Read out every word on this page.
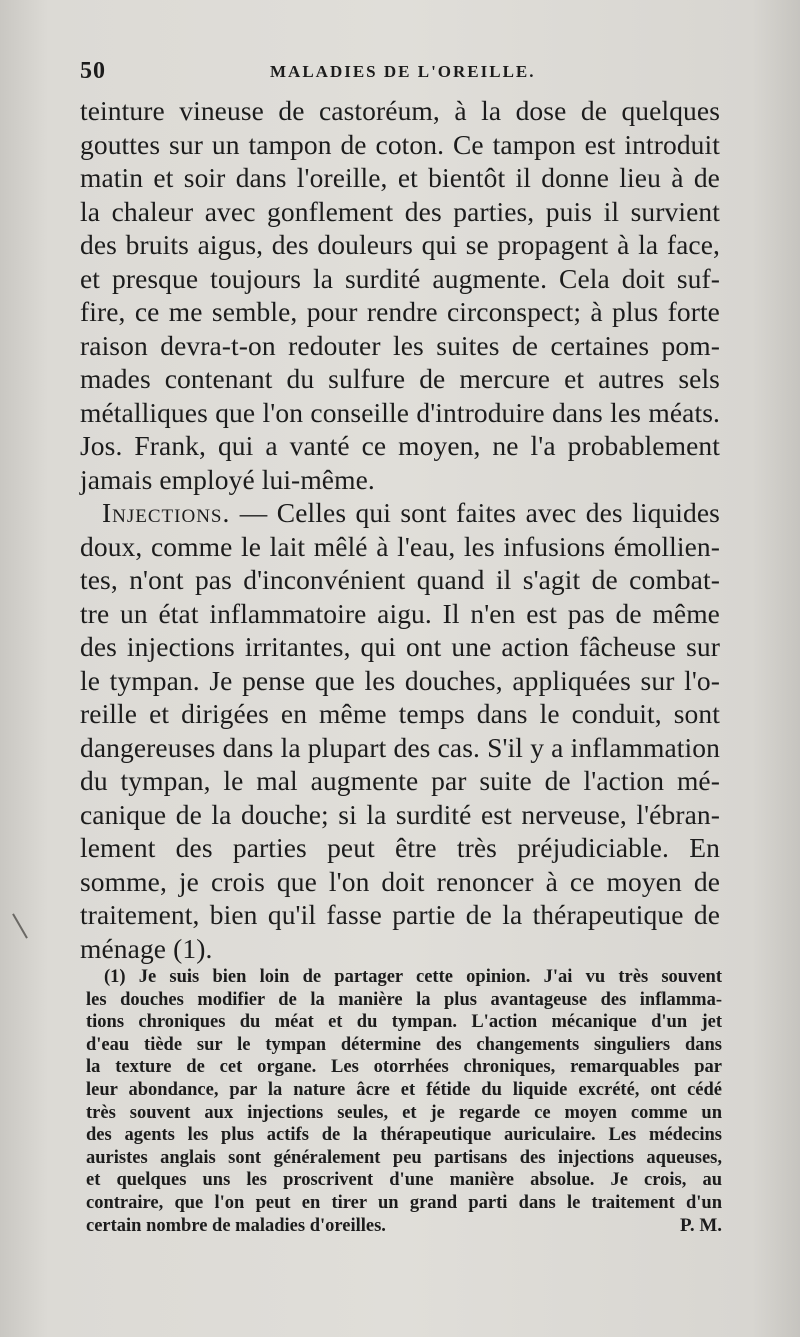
50	MALADIES DE L'OREILLE.
teinture vineuse de castoréum, à la dose de quelques
gouttes sur un tampon de coton. Ce tampon est introduit
matin et soir dans l'oreille, et bientôt il donne lieu à de
la chaleur avec gonflement des parties, puis il survient
des bruits aigus, des douleurs qui se propagent à la face,
et presque toujours la surdité augmente. Cela doit suf-
fire, ce me semble, pour rendre circonspect; à plus forte
raison devra-t-on redouter les suites de certaines pom-
mades contenant du sulfure de mercure et autres sels
métalliques que l'on conseille d'introduire dans les méats.
Jos. Frank, qui a vanté ce moyen, ne l'a probablement
jamais employé lui-même.
Injections. — Celles qui sont faites avec des liquides
doux, comme le lait mêlé à l'eau, les infusions émollien-
tes, n'ont pas d'inconvénient quand il s'agit de combat-
tre un état inflammatoire aigu. Il n'en est pas de même
des injections irritantes, qui ont une action fâcheuse sur
le tympan. Je pense que les douches, appliquées sur l'o-
reille et dirigées en même temps dans le conduit, sont
dangereuses dans la plupart des cas. S'il y a inflammation
du tympan, le mal augmente par suite de l'action mé-
canique de la douche; si la surdité est nerveuse, l'ébran-
lement des parties peut être très préjudiciable. En
somme, je crois que l'on doit renoncer à ce moyen de
traitement, bien qu'il fasse partie de la thérapeutique de
ménage (1).
(1) Je suis bien loin de partager cette opinion. J'ai vu très souvent
les douches modifier de la manière la plus avantageuse des inflamma-
tions chroniques du méat et du tympan. L'action mécanique d'un jet
d'eau tiède sur le tympan détermine des changements singuliers dans
la texture de cet organe. Les otorrhées chroniques, remarquables par
leur abondance, par la nature âcre et fétide du liquide excrété, ont cédé
très souvent aux injections seules, et je regarde ce moyen comme un
des agents les plus actifs de la thérapeutique auriculaire. Les médecins
auristes anglais sont généralement peu partisans des injections aqueuses,
et quelques uns les proscrivent d'une manière absolue. Je crois, au
contraire, que l'on peut en tirer un grand parti dans le traitement d'un
certain nombre de maladies d'oreilles.	P. M.
